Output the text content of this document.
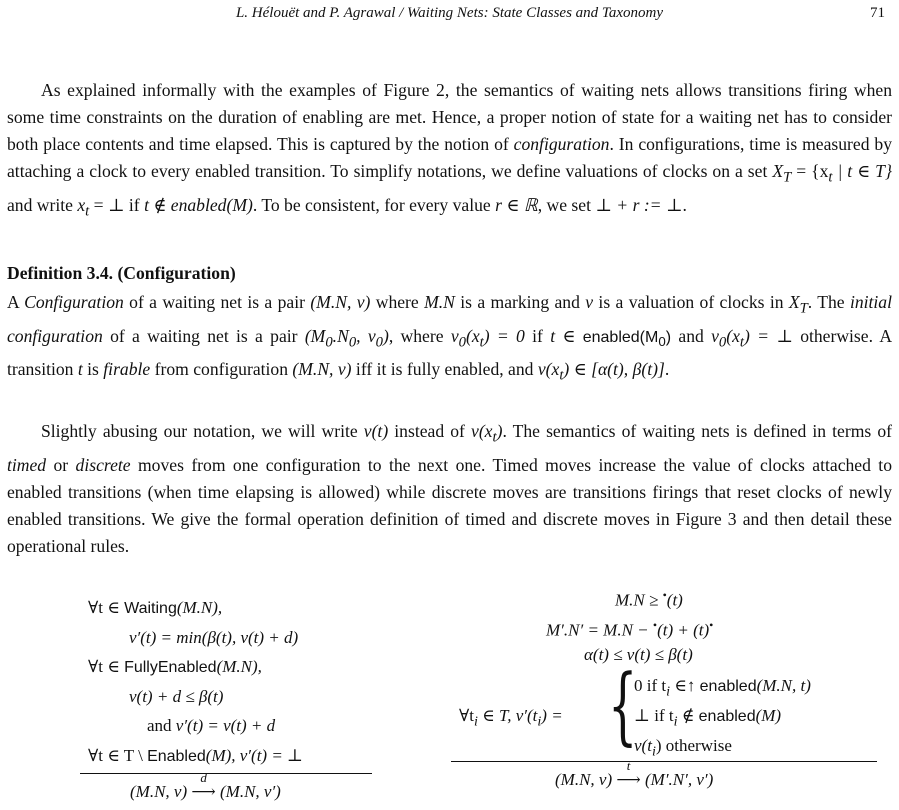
L. Hélouët and P. Agrawal / Waiting Nets: State Classes and Taxonomy	71

As explained informally with the examples of Figure 2, the semantics of waiting nets allows transitions firing when some time constraints on the duration of enabling are met. Hence, a proper notion of state for a waiting net has to consider both place contents and time elapsed. This is captured by the notion of configuration. In configurations, time is measured by attaching a clock to every enabled transition. To simplify notations, we define valuations of clocks on a set $X_T = \{x_t$ | t ∈ T} and write $x_t$ = ⊥ if t ∉ enabled(M). To be consistent, for every value r ∈ ℝ, we set ⊥ + r := ⊥.

Definition 3.4. (Configuration)

A Configuration of a waiting net is a pair (M.N, v) where M.N is a marking and v is a valuation of clocks in $X_T$. The initial configuration of a waiting net is a pair ($M_0.N_0$, $v_0$), where $v_0(x_t) = 0$ if t ∈ $enabled(M_0)$ and $v_0(x_t)$ = ⊥ otherwise. A transition t is firable from configuration (M.N, v) iff it is fully enabled, and $v(x_t)$ ∈ [α(t), β(t)].

Slightly abusing our notation, we will write v(t) instead of $v(x_t)$. The semantics of waiting nets is defined in terms of timed or discrete moves from one configuration to the next one. Timed moves increase the value of clocks attached to enabled transitions (when time elapsing is allowed) while discrete moves are transitions firings that reset clocks of newly enabled transitions. We give the formal operation definition of timed and discrete moves in Figure 3 and then detail these operational rules.

∀t ∈ Waiting(M.N),
v′(t) = min(β(t), v(t) + d)
∀t ∈ FullyEnabled(M.N),
v(t) + d ≤ β(t)
and v′(t) = v(t) + d
∀t ∈ T \ Enabled(M), v′(t) = ⊥
(M.N, v)
d
⟶ (M.N, v′)
M.N ≥ •(t)
M′.N′ = M.N − •(t) + (t)•
α(t) ≤ v(t) ≤ β(t)
$\forall t_i$ ∈ T, $v'(t_i)$ = {
0 if $t_i$ ∈↑ enabled(M.N, t)
⊥ if $t_i$ ∉ enabled(M)
$v(t_i)$ otherwise
(M.N, v)
t
⟶ (M′.N′, v′)
